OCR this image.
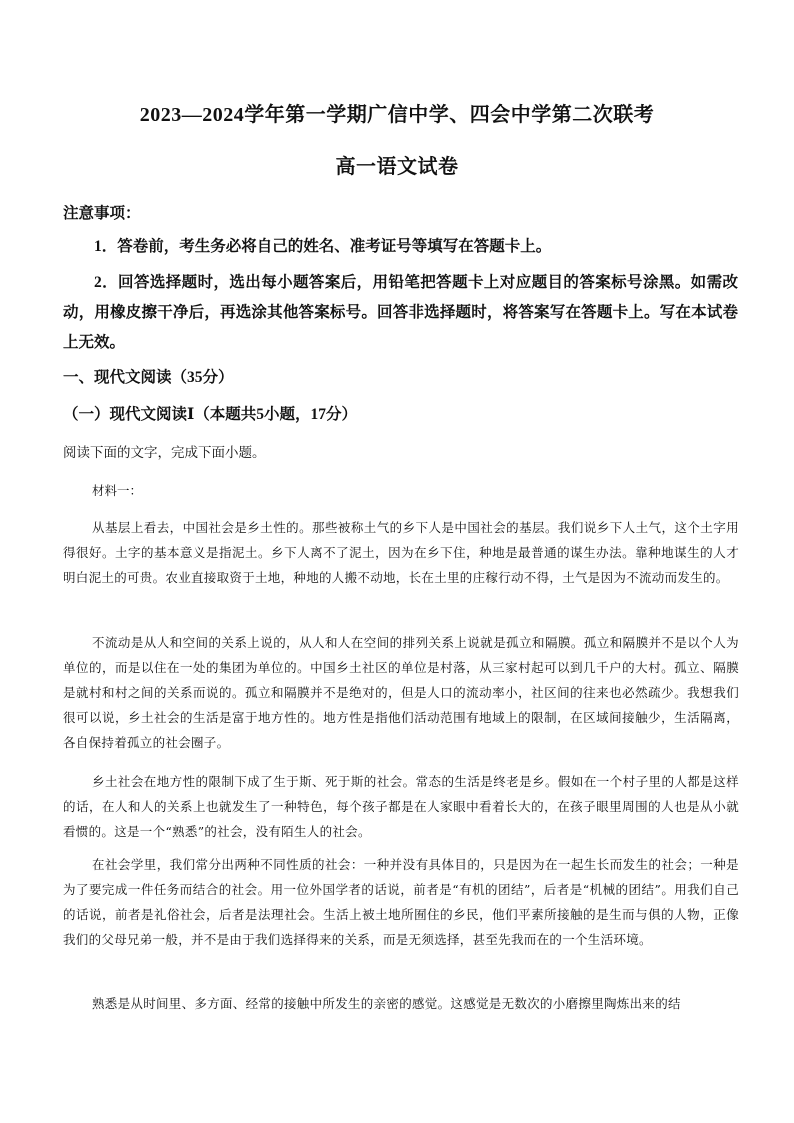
2023—2024学年第一学期广信中学、四会中学第二次联考
高一语文试卷
注意事项：
1．答卷前，考生务必将自己的姓名、准考证号等填写在答题卡上。
2．回答选择题时，选出每小题答案后，用铅笔把答题卡上对应题目的答案标号涂黑。如需改动，用橡皮擦干净后，再选涂其他答案标号。回答非选择题时，将答案写在答题卡上。写在本试卷上无效。
一、现代文阅读（35分）
（一）现代文阅读Ⅰ（本题共5小题，17分）
阅读下面的文字，完成下面小题。
材料一：
从基层上看去，中国社会是乡土性的。那些被称土气的乡下人是中国社会的基层。我们说乡下人土气，这个土字用得很好。土字的基本意义是指泥土。乡下人离不了泥土，因为在乡下住，种地是最普通的谋生办法。靠种地谋生的人才明白泥土的可贵。农业直接取资于土地，种地的人搬不动地，长在土里的庄稼行动不得，土气是因为不流动而发生的。
不流动是从人和空间的关系上说的，从人和人在空间的排列关系上说就是孤立和隔膜。孤立和隔膜并不是以个人为单位的，而是以住在一处的集团为单位的。中国乡土社区的单位是村落，从三家村起可以到几千户的大村。孤立、隔膜是就村和村之间的关系而说的。孤立和隔膜并不是绝对的，但是人口的流动率小，社区间的往来也必然疏少。我想我们很可以说，乡土社会的生活是富于地方性的。地方性是指他们活动范围有地域上的限制，在区域间接触少，生活隔离，各自保持着孤立的社会圈子。
乡土社会在地方性的限制下成了生于斯、死于斯的社会。常态的生活是终老是乡。假如在一个村子里的人都是这样的话，在人和人的关系上也就发生了一种特色，每个孩子都是在人家眼中看着长大的，在孩子眼里周围的人也是从小就看惯的。这是一个“熟悉”的社会，没有陌生人的社会。
在社会学里，我们常分出两种不同性质的社会：一种并没有具体目的，只是因为在一起生长而发生的社会；一种是为了要完成一件任务而结合的社会。用一位外国学者的话说，前者是“有机的团结”，后者是“机械的团结”。用我们自己的话说，前者是礼俗社会，后者是法理社会。生活上被土地所囿住的乡民，他们平素所接触的是生而与俱的人物，正像我们的父母兄弟一般，并不是由于我们选择得来的关系，而是无须选择，甚至先我而在的一个生活环境。
熟悉是从时间里、多方面、经常的接触中所发生的亲密的感觉。这感觉是无数次的小磨擦里陶炼出来的结
